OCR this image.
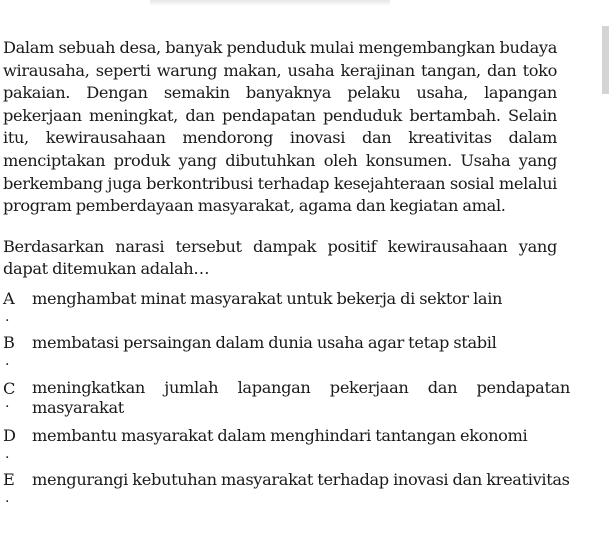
Dalam sebuah desa, banyak penduduk mulai mengembangkan budaya wirausaha, seperti warung makan, usaha kerajinan tangan, dan toko pakaian. Dengan semakin banyaknya pelaku usaha, lapangan pekerjaan meningkat, dan pendapatan penduduk bertambah. Selain itu, kewirausahaan mendorong inovasi dan kreativitas dalam menciptakan produk yang dibutuhkan oleh konsumen. Usaha yang berkembang juga berkontribusi terhadap kesejahteraan sosial melalui program pemberdayaan masyarakat, agama dan kegiatan amal.

Berdasarkan narasi tersebut dampak positif kewirausahaan yang dapat ditemukan adalah…

A
.
menghambat minat masyarakat untuk bekerja di sektor lain
B
.
membatasi persaingan dalam dunia usaha agar tetap stabil
C
.
meningkatkan jumlah lapangan pekerjaan dan pendapatan masyarakat
D
.
membantu masyarakat dalam menghindari tantangan ekonomi
E
.
mengurangi kebutuhan masyarakat terhadap inovasi dan kreativitas
